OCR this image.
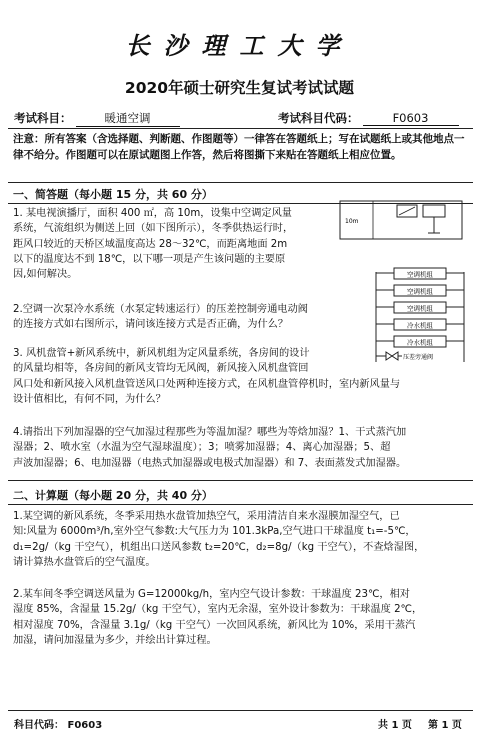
长沙理工大学
2020年硕士研究生复试考试试题
考试科目：	暖通空调	考试科目代码：	F0603
注意：所有答案（含选择题、判断题、作图题等）一律答在答题纸上；写在试题纸上或其他地点一律不给分。作图题可以在原试题图上作答，然后将图撕下来贴在答题纸上相应位置。
一、简答题（每小题 15 分，共 60 分）
1. 某电视演播厅，面积 400 ㎡，高 10m，设集中空调定风量
系统，气流组织为侧送上回（如下图所示），冬季供热运行时，
距风口较近的天桥区域温度高达 28～32℃，而距离地面 2m
以下的温度达不到 18℃，以下哪一项是产生该问题的主要原
因,如何解决。
10m
空调机组
空调机组
空调机组
冷水机组
冷水机组
压差旁通阀
2.空调一次泵冷水系统（水泵定转速运行）的压差控制旁通电动阀
的连接方式如右图所示，请问该连接方式是否正确，为什么？
3. 风机盘管+新风系统中，新风机组为定风量系统，各房间的设计
的风量均相等，各房间的新风支管均无风阀，新风接入风机盘管回
风口处和新风接入风机盘管送风口处两种连接方式，在风机盘管停机时，室内新风量与
设计值相比，有何不同，为什么？
4.请指出下列加湿器的空气加湿过程那些为等温加湿？哪些为等焓加湿？1、干式蒸汽加
湿器；2、喷水室（水温为空气湿球温度）；3；喷雾加湿器；4、离心加湿器；5、超
声波加湿器；6、电加湿器（电热式加湿器或电极式加湿器）和 7、表面蒸发式加湿器。
二、计算题（每小题 20 分，共 40 分）
1.某空调的新风系统，冬季采用热水盘管加热空气，采用清洁自来水湿膜加湿空气，已
知:风量为 6000m³/h,室外空气参数:大气压力为 101.3kPa,空气进口干球温度 t₁=-5℃，
d₁=2g/（kg 干空气），机组出口送风参数 t₂=20℃，d₂=8g/（kg 干空气），不查焓湿图，
请计算热水盘管后的空气温度。
2.某车间冬季空调送风量为 G=12000kg/h，室内空气设计参数：干球温度 23℃，相对
湿度 85%，含湿量 15.2g/（kg 干空气），室内无余湿，室外设计参数为：干球温度 2℃，
相对湿度 70%，含湿量 3.1g/（kg 干空气）一次回风系统，新风比为 10%，采用干蒸汽
加湿，请问加湿量为多少，并绘出计算过程。
科目代码： F0603	共 1 页 第 1 页
